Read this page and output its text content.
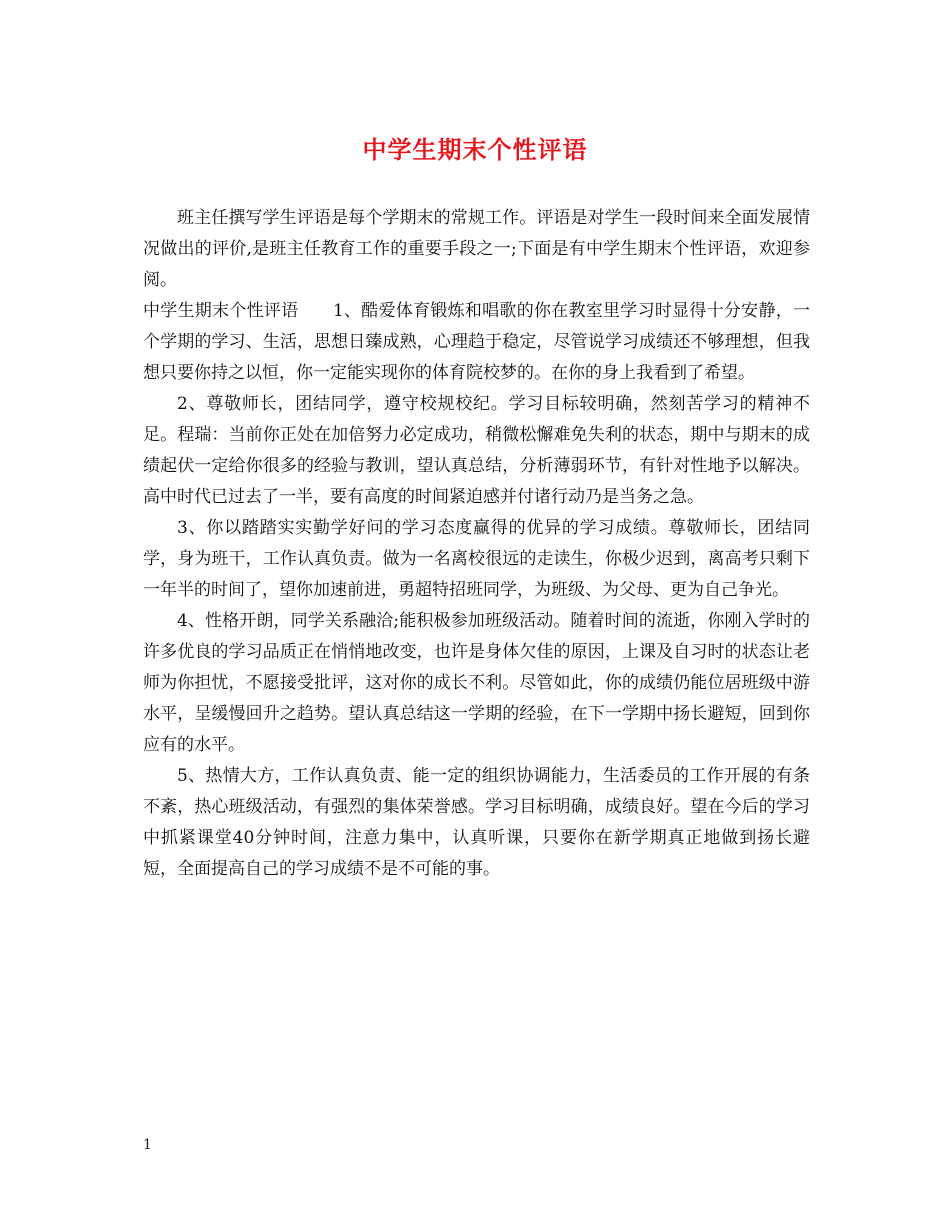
中学生期末个性评语

班主任撰写学生评语是每个学期末的常规工作。评语是对学生一段时间来全面发展情况做出的评价,是班主任教育工作的重要手段之一;下面是有中学生期末个性评语，欢迎参阅。

中学生期末个性评语　　1、酷爱体育锻炼和唱歌的你在教室里学习时显得十分安静，一个学期的学习、生活，思想日臻成熟，心理趋于稳定，尽管说学习成绩还不够理想，但我想只要你持之以恒，你一定能实现你的体育院校梦的。在你的身上我看到了希望。

2、尊敬师长，团结同学，遵守校规校纪。学习目标较明确，然刻苦学习的精神不足。程瑞：当前你正处在加倍努力必定成功，稍微松懈难免失利的状态，期中与期末的成绩起伏一定给你很多的经验与教训，望认真总结，分析薄弱环节，有针对性地予以解决。高中时代已过去了一半，要有高度的时间紧迫感并付诸行动乃是当务之急。

3、你以踏踏实实勤学好问的学习态度赢得的优异的学习成绩。尊敬师长，团结同学，身为班干，工作认真负责。做为一名离校很远的走读生，你极少迟到，离高考只剩下一年半的时间了，望你加速前进，勇超特招班同学，为班级、为父母、更为自己争光。

4、性格开朗，同学关系融洽;能积极参加班级活动。随着时间的流逝，你刚入学时的许多优良的学习品质正在悄悄地改变，也许是身体欠佳的原因，上课及自习时的状态让老师为你担忧，不愿接受批评，这对你的成长不利。尽管如此，你的成绩仍能位居班级中游水平，呈缓慢回升之趋势。望认真总结这一学期的经验，在下一学期中扬长避短，回到你应有的水平。

5、热情大方，工作认真负责、能一定的组织协调能力，生活委员的工作开展的有条不紊，热心班级活动，有强烈的集体荣誉感。学习目标明确，成绩良好。望在今后的学习中抓紧课堂40分钟时间，注意力集中，认真听课，只要你在新学期真正地做到扬长避短，全面提高自己的学习成绩不是不可能的事。

1
